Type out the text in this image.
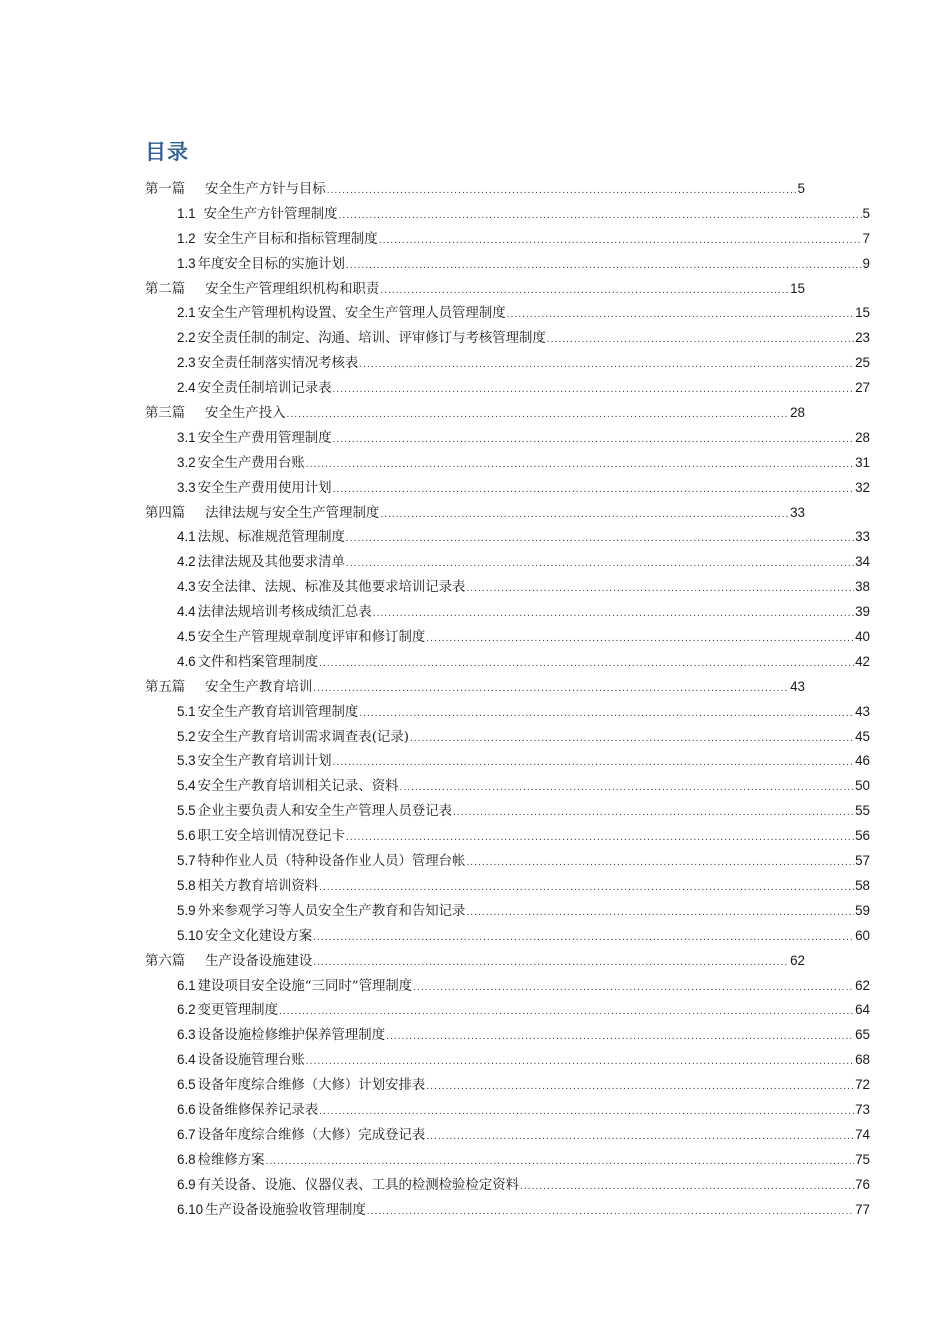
目录
第一篇 安全生产方针与目标 .....	5
1.1 安全生产方针管理制度 .....	5
1.2 安全生产目标和指标管理制度 .....	7
1.3 年度安全目标的实施计划 .....	9
第二篇 安全生产管理组织机构和职责 .....	15
2.1 安全生产管理机构设置、安全生产管理人员管理制度 .....	15
2.2 安全责任制的制定、沟通、培训、评审修订与考核管理制度 .....	23
2.3 安全责任制落实情况考核表 .....	25
2.4 安全责任制培训记录表 .....	27
第三篇 安全生产投入 .....	28
3.1 安全生产费用管理制度 .....	28
3.2 安全生产费用台账 .....	31
3.3 安全生产费用使用计划 .....	32
第四篇 法律法规与安全生产管理制度 .....	33
4.1 法规、标准规范管理制度 .....	33
4.2 法律法规及其他要求清单 .....	34
4.3 安全法律、法规、标准及其他要求培训记录表 .....	38
4.4 法律法规培训考核成绩汇总表 .....	39
4.5 安全生产管理规章制度评审和修订制度 .....	40
4.6 文件和档案管理制度 .....	42
第五篇 安全生产教育培训 .....	43
5.1 安全生产教育培训管理制度 .....	43
5.2 安全生产教育培训需求调查表(记录) .....	45
5.3 安全生产教育培训计划 .....	46
5.4 安全生产教育培训相关记录、资料 .....	50
5.5 企业主要负责人和安全生产管理人员登记表 .....	55
5.6 职工安全培训情况登记卡 .....	56
5.7 特种作业人员（特种设备作业人员）管理台帐 .....	57
5.8 相关方教育培训资料 .....	58
5.9 外来参观学习等人员安全生产教育和告知记录 .....	59
5.10 安全文化建设方案 .....	60
第六篇 生产设备设施建设 .....	62
6.1 建设项目安全设施“三同时”管理制度 .....	62
6.2 变更管理制度 .....	64
6.3 设备设施检修维护保养管理制度 .....	65
6.4 设备设施管理台账 .....	68
6.5 设备年度综合维修（大修）计划安排表 .....	72
6.6 设备维修保养记录表 .....	73
6.7 设备年度综合维修（大修）完成登记表 .....	74
6.8 检维修方案 .....	75
6.9 有关设备、设施、仪器仪表、工具的检测检验检定资料 .....	76
6.10 生产设备设施验收管理制度 .....	77
